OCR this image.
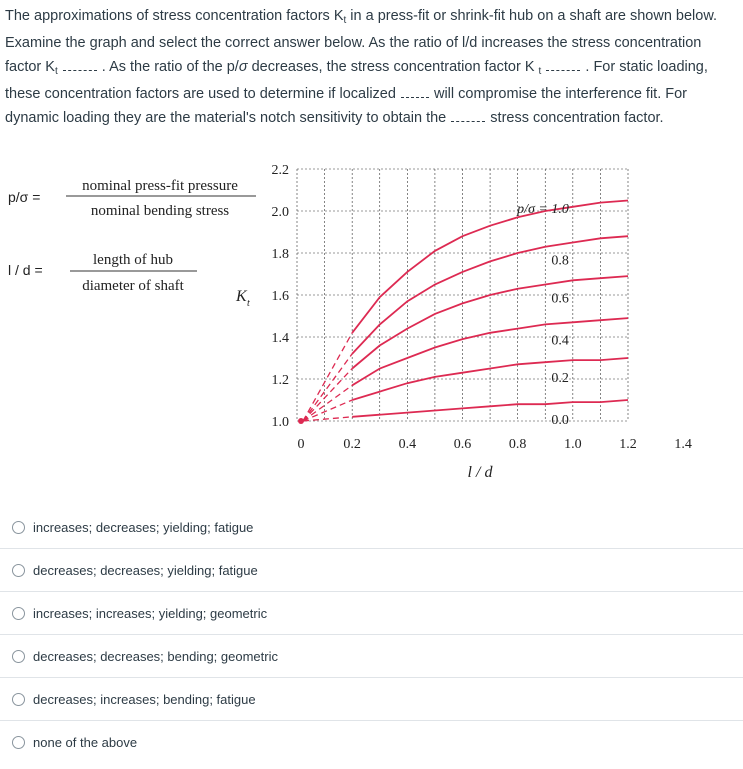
The approximations of stress concentration factors $K_t$ in a press-fit or shrink-fit hub on a shaft are shown below. Examine the graph and select the correct answer below. As the ratio of l/d increases the stress concentration factor $K_t$	. As the ratio of the p/σ decreases, the stress concentration factor K $_t$	. For static loading, these concentration factors are used to determine if localized  will compromise the interference fit. For dynamic loading they are the material's notch sensitivity to obtain the  stress concentration factor.
p/σ =
nominal press-fit pressure
nominal bending stress
l / d =
length of hub
diameter of shaft
K t
p/σ = 1.0
0.8
0.6
0.4
0.2
0.0
1.0
1.2
1.4
1.6
1.8
2.0
2.2
0	0.2	0.4	0.6	0.8	1.0	1.2	1.4
l / d
increases; decreases; yielding; fatigue
decreases; decreases; yielding; fatigue
increases; increases; yielding; geometric
decreases; decreases; bending; geometric
decreases; increases; bending; fatigue
none of the above
